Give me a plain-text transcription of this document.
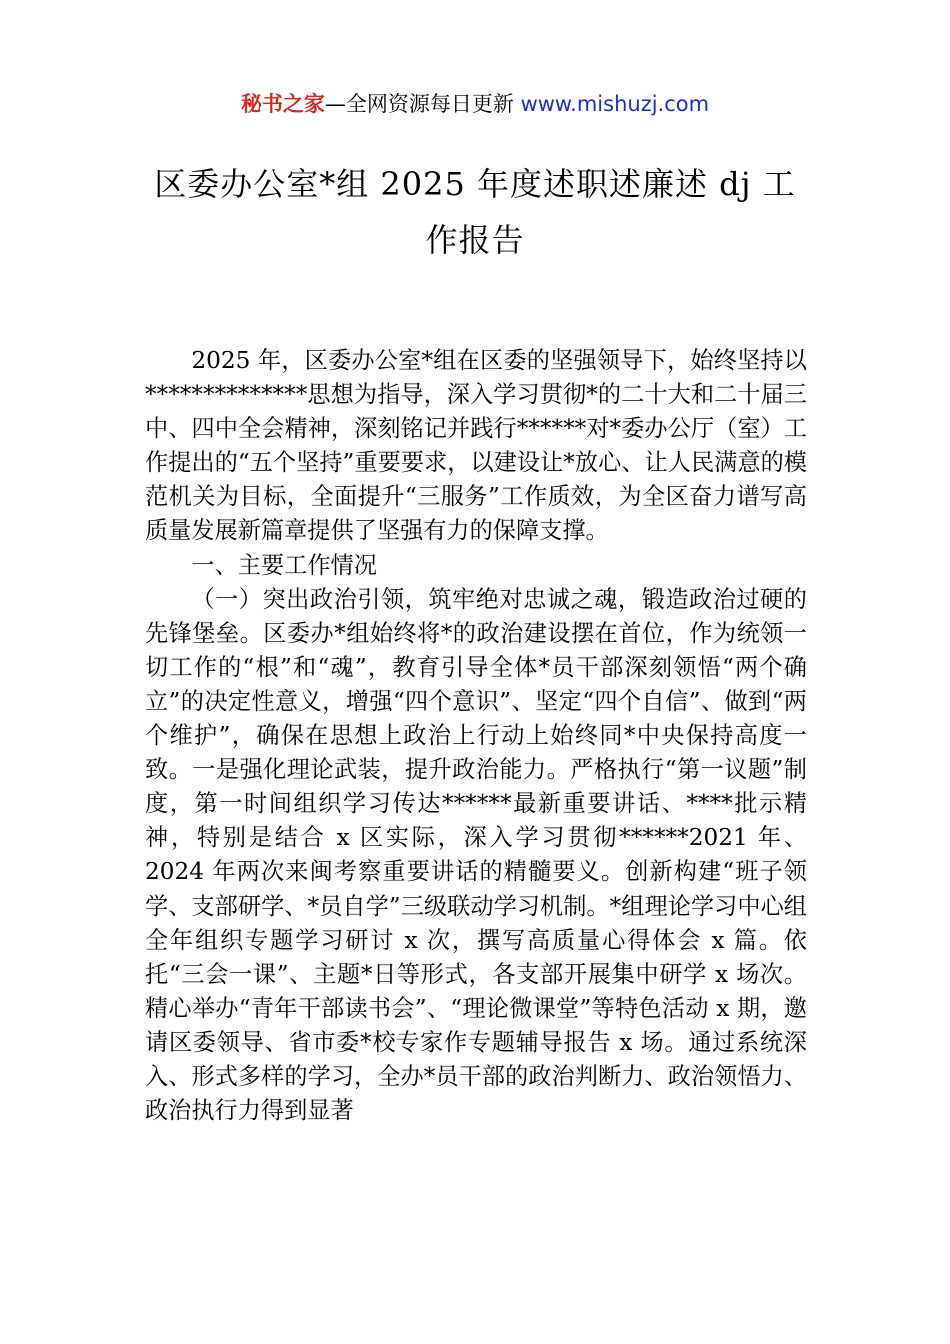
秘书之家—全网资源每日更新 www.mishuzj.com
区委办公室*组 2025 年度述职述廉述 dj 工
作报告

2025 年，区委办公室*组在区委的坚强领导下，始终坚持以**************思想为指导，深入学习贯彻*的二十大和二十届三中、四中全会精神，深刻铭记并践行******对*委办公厅（室）工作提出的“五个坚持”重要要求，以建设让*放心、让人民满意的模范机关为目标，全面提升“三服务”工作质效，为全区奋力谱写高质量发展新篇章提供了坚强有力的保障支撑。

一、主要工作情况

（一）突出政治引领，筑牢绝对忠诚之魂，锻造政治过硬的先锋堡垒。区委办*组始终将*的政治建设摆在首位，作为统领一切工作的“根”和“魂”，教育引导全体*员干部深刻领悟“两个确立”的决定性意义，增强“四个意识”、坚定“四个自信”、做到“两个维护”，确保在思想上政治上行动上始终同*中央保持高度一致。一是强化理论武装，提升政治能力。严格执行“第一议题”制度，第一时间组织学习传达******最新重要讲话、****批示精神，特别是结合 x 区实际，深入学习贯彻******2021 年、2024 年两次来闽考察重要讲话的精髓要义。创新构建“班子领学、支部研学、*员自学”三级联动学习机制。*组理论学习中心组全年组织专题学习研讨 x 次，撰写高质量心得体会 x 篇。依托“三会一课”、主题*日等形式，各支部开展集中研学 x 场次。精心举办“青年干部读书会”、“理论微课堂”等特色活动 x 期，邀请区委领导、省市委*校专家作专题辅导报告 x 场。通过系统深入、形式多样的学习，全办*员干部的政治判断力、政治领悟力、政治执行力得到显著
